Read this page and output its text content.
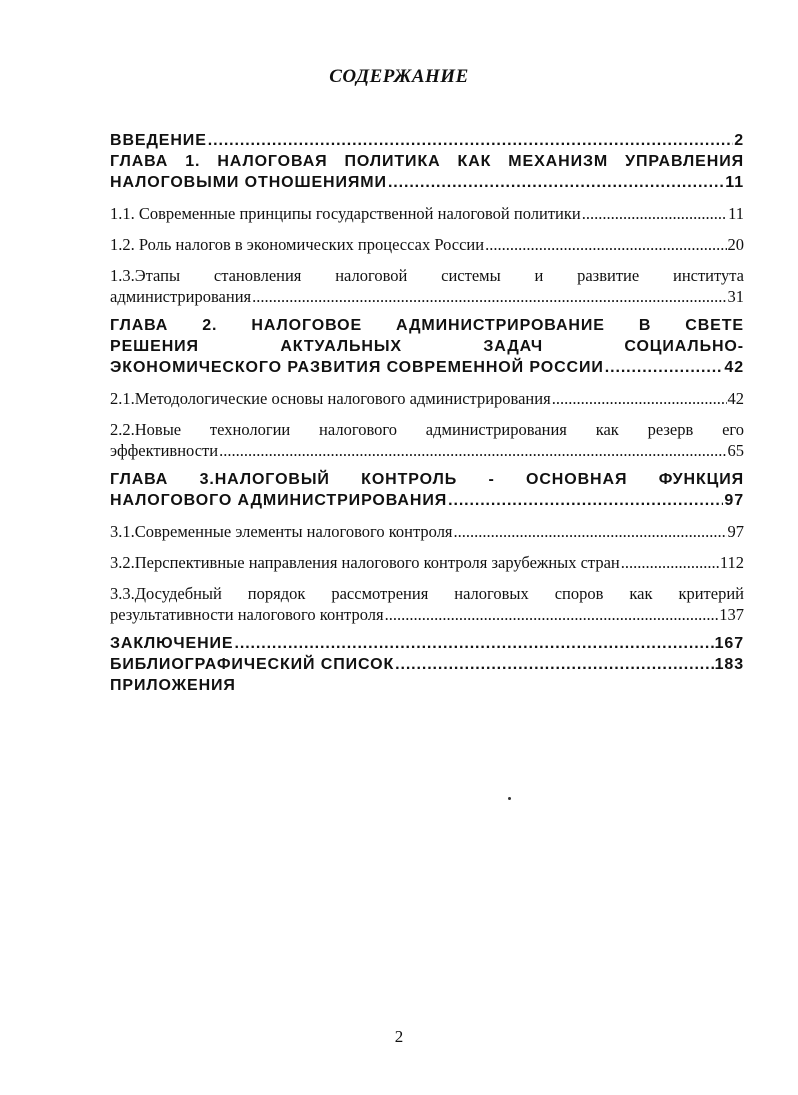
СОДЕРЖАНИЕ
ВВЕДЕНИЕ .....	2
ГЛАВА 1. НАЛОГОВАЯ ПОЛИТИКА КАК МЕХАНИЗМ УПРАВЛЕНИЯ
НАЛОГОВЫМИ ОТНОШЕНИЯМИ .....	11
1.1. Современные принципы государственной налоговой политики .....	11
1.2. Роль налогов в экономических процессах России .....	20
1.3.Этапы становления налоговой системы и развитие института
администрирования .....	31
ГЛАВА 2. НАЛОГОВОЕ АДМИНИСТРИРОВАНИЕ В СВЕТЕ
РЕШЕНИЯ АКТУАЛЬНЫХ ЗАДАЧ СОЦИАЛЬНО-
ЭКОНОМИЧЕСКОГО РАЗВИТИЯ СОВРЕМЕННОЙ РОССИИ .....	42
2.1.Методологические основы налогового администрирования .....	42
2.2.Новые технологии налогового администрирования как резерв его
эффективности .....	65
ГЛАВА 3.НАЛОГОВЫЙ КОНТРОЛЬ - ОСНОВНАЯ ФУНКЦИЯ
НАЛОГОВОГО АДМИНИСТРИРОВАНИЯ .....	97
3.1.Современные элементы налогового контроля .....	97
3.2.Перспективные направления налогового контроля зарубежных стран .....	112
3.3.Досудебный порядок рассмотрения налоговых споров как критерий
результативности налогового контроля .....	137
ЗАКЛЮЧЕНИЕ .....	167
БИБЛИОГРАФИЧЕСКИЙ СПИСОК .....	183
ПРИЛОЖЕНИЯ
2
